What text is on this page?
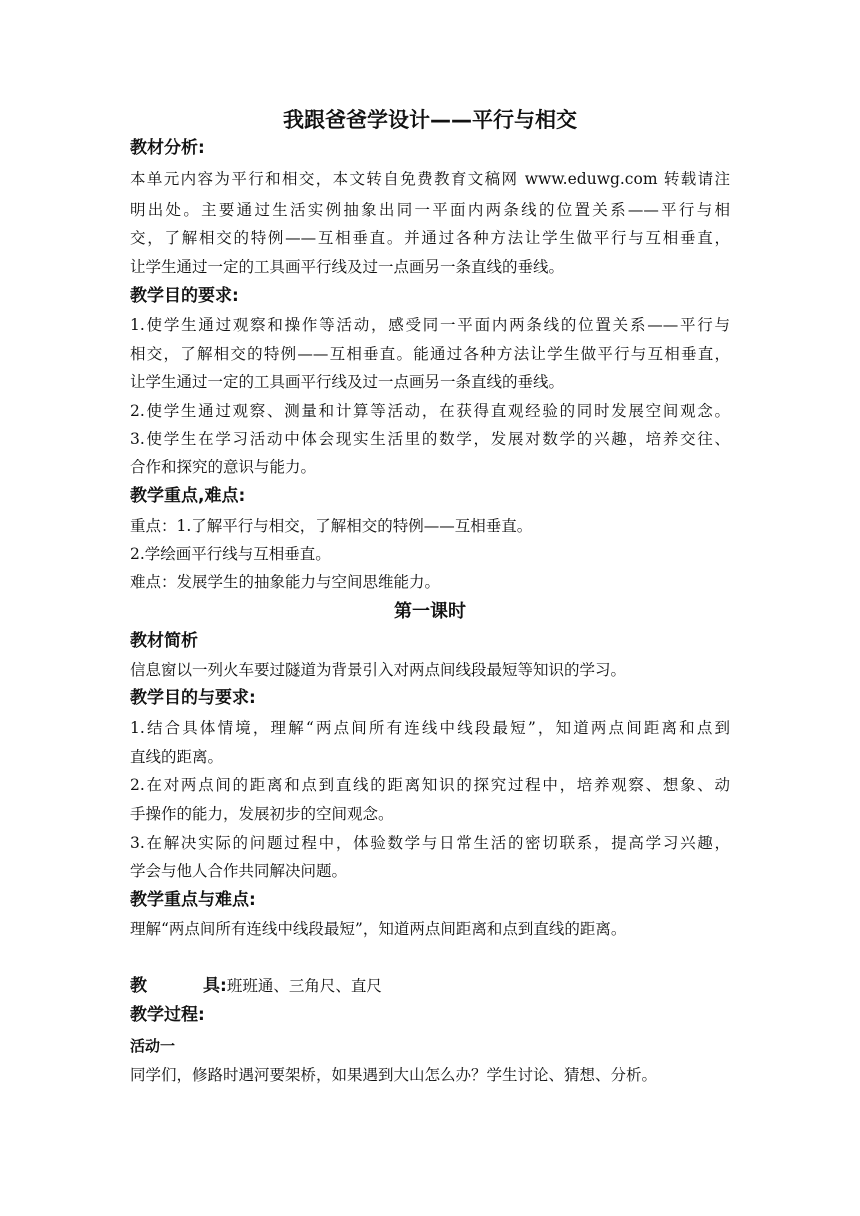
我跟爸爸学设计——平行与相交
教材分析:
本单元内容为平行和相交，本文转自免费教育文稿网 www.eduwg.com 转载请注
明出处。主要通过生活实例抽象出同一平面内两条线的位置关系——平行与相
交，了解相交的特例——互相垂直。并通过各种方法让学生做平行与互相垂直，
让学生通过一定的工具画平行线及过一点画另一条直线的垂线。
教学目的要求:
1.使学生通过观察和操作等活动，感受同一平面内两条线的位置关系——平行与
相交，了解相交的特例——互相垂直。能通过各种方法让学生做平行与互相垂直，
让学生通过一定的工具画平行线及过一点画另一条直线的垂线。
2.使学生通过观察、测量和计算等活动，在获得直观经验的同时发展空间观念。
3.使学生在学习活动中体会现实生活里的数学，发展对数学的兴趣，培养交往、
合作和探究的意识与能力。
教学重点,难点:
重点：1.了解平行与相交，了解相交的特例——互相垂直。
2.学绘画平行线与互相垂直。
难点：发展学生的抽象能力与空间思维能力。
第一课时
教材简析
信息窗以一列火车要过隧道为背景引入对两点间线段最短等知识的学习。
教学目的与要求:
1.结合具体情境，理解“两点间所有连线中线段最短”，知道两点间距离和点到
直线的距离。
2.在对两点间的距离和点到直线的距离知识的探究过程中，培养观察、想象、动
手操作的能力，发展初步的空间观念。
3.在解决实际的问题过程中，体验数学与日常生活的密切联系，提高学习兴趣，
学会与他人合作共同解决问题。
教学重点与难点:
理解“两点间所有连线中线段最短”，知道两点间距离和点到直线的距离。
教	具:班班通、三角尺、直尺
教学过程:
活动一
同学们，修路时遇河要架桥，如果遇到大山怎么办？学生讨论、猜想、分析。
